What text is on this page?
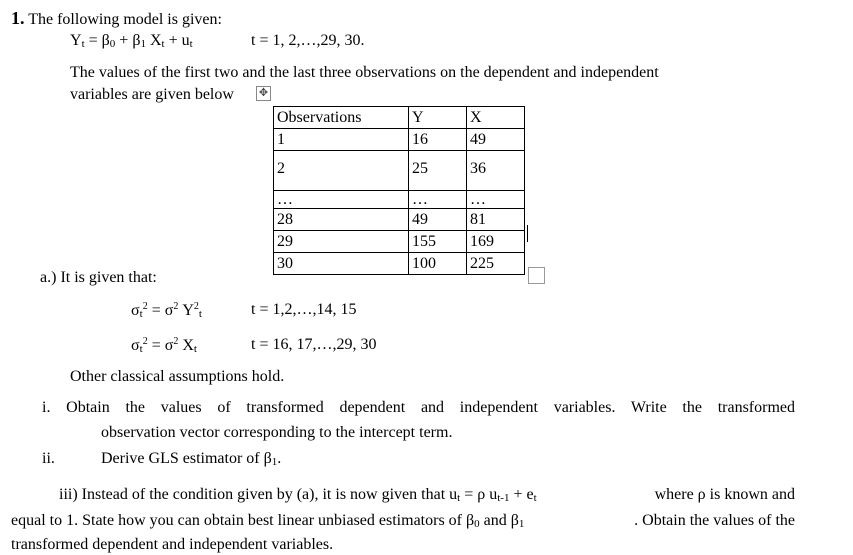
1. The following model is given:
Yt = β0 + β1 Xt + ut	t = 1, 2,…,29, 30.
The values of the first two and the last three observations on the dependent and independent
variables are given below ✥
Observations	Y	X
1	16	49
2	25	36
…	…	…
28	49	81
29	155	169
30	100	225
a.) It is given that:
$\sigma t^2 = \sigma^2$ $Y^2t$	t = 1,2,…,14, 15
$\sigma t^2 = \sigma^2$ Xt	t = 16, 17,…,29, 30
Other classical assumptions hold.
i. Obtain the values of transformed dependent and independent variables. Write the transformed
observation vector corresponding to the intercept term.
ii.	Derive GLS estimator of β1.
iii) Instead of the condition given by (a), it is now given that ut = ρ ut-1 + et	where ρ is known and
equal to 1. State how you can obtain best linear unbiased estimators of β0 and β1	. Obtain the values of the
transformed dependent and independent variables.
